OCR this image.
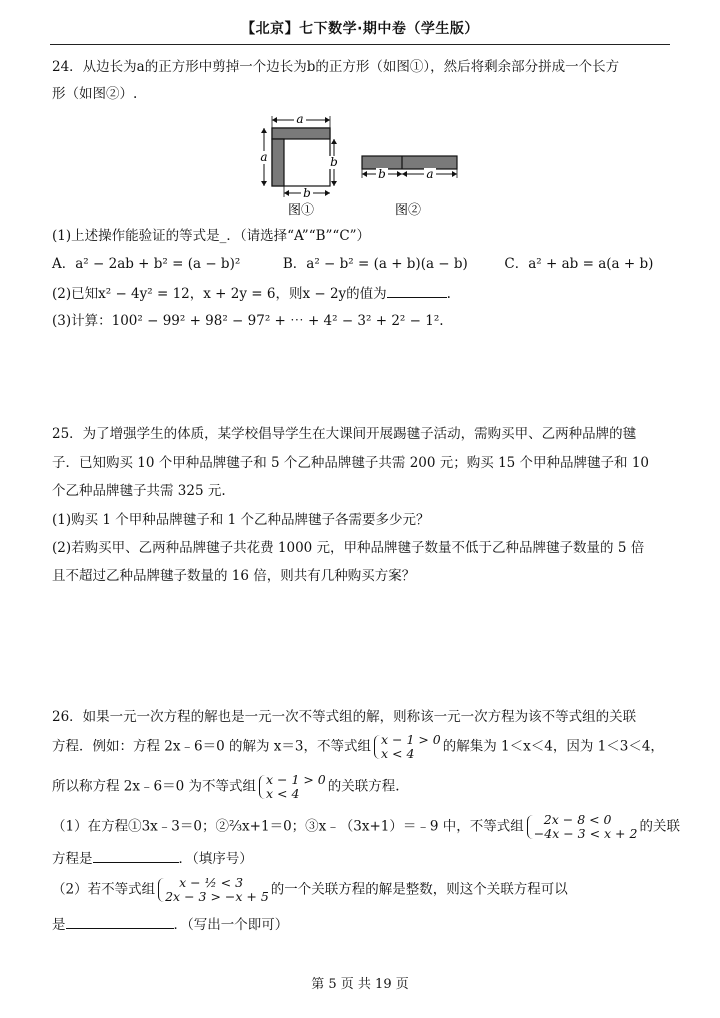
【北京】七下数学·期中卷（学生版）
24．从边长为a的正方形中剪掉一个边长为b的正方形（如图①），然后将剩余部分拼成一个长方
形（如图②）.
a
a	b
b
图①
b	a
图②
(1)上述操作能验证的等式是_．（请选择“A”“B”“C”）
A．a² − 2ab + b² = (a − b)²	B．a² − b² = (a + b)(a − b)	C．a² + ab = a(a + b)
(2)已知x² − 4y² = 12，x + 2y = 6，则x − 2y的值为	.
(3)计算：100² − 99² + 98² − 97² + ⋯ + 4² − 3² + 2² − 1².
25．为了增强学生的体质，某学校倡导学生在大课间开展踢毽子活动，需购买甲、乙两种品牌的毽
子．已知购买 10 个甲种品牌毽子和 5 个乙种品牌毽子共需 200 元；购买 15 个甲种品牌毽子和 10
个乙种品牌毽子共需 325 元.
(1)购买 1 个甲种品牌毽子和 1 个乙种品牌毽子各需要多少元？
(2)若购买甲、乙两种品牌毽子共花费 1000 元，甲种品牌毽子数量不低于乙种品牌毽子数量的 5 倍
且不超过乙种品牌毽子数量的 16 倍，则共有几种购买方案？
26．如果一元一次方程的解也是一元一次不等式组的解，则称该一元一次方程为该不等式组的关联
方程．例如：方程 2x﹣6＝0 的解为 x＝3，不等式组 x − 1 > 0
x < 4	的解集为 1＜x＜4，因为 1＜3＜4，
所以称方程 2x﹣6＝0 为不等式组 x − 1 > 0
x < 4	的关联方程.
（1）在方程①3x﹣3＝0；②⅔x+1＝0；③x﹣（3x+1）＝﹣9 中，不等式组	2x − 8 < 0
−4x − 3 < x + 2 的关联
方程是	．（填序号）
（2）若不等式组	x − ½ < 3
2x − 3 > −x + 5 的一个关联方程的解是整数，则这个关联方程可以
是	．（写出一个即可）
第 5 页 共 19 页
